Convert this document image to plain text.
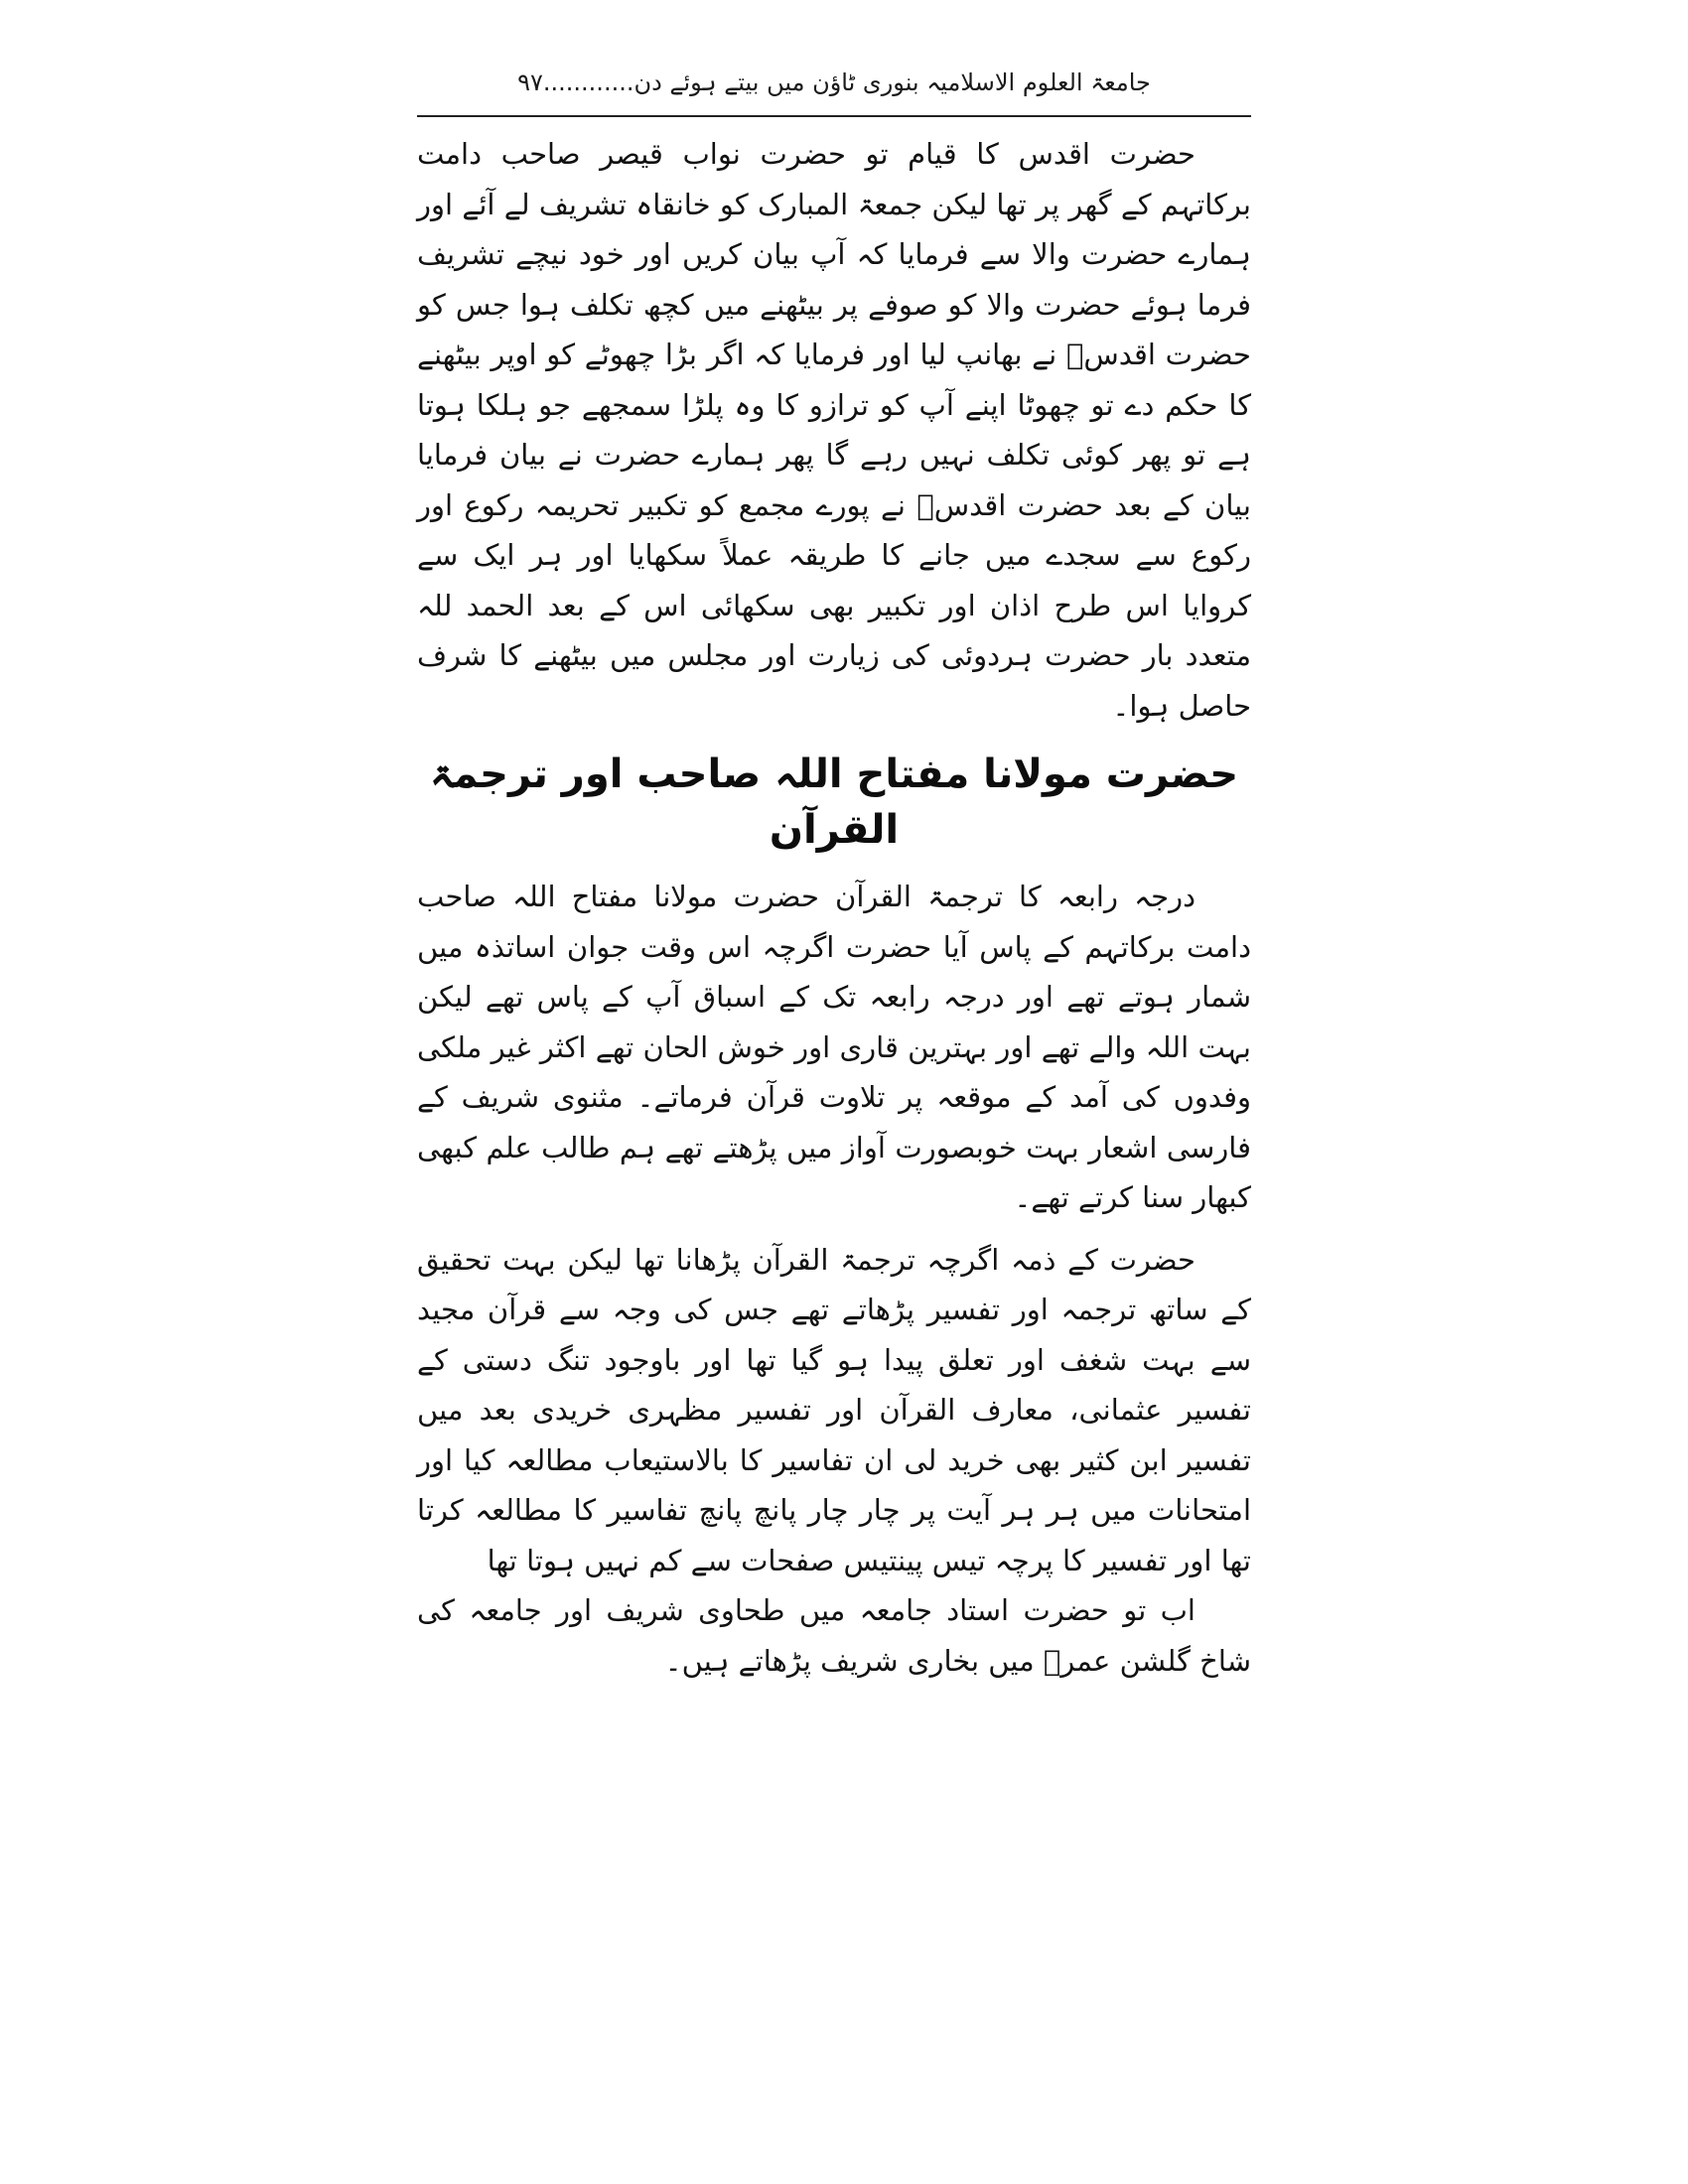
جامعۃ العلوم الاسلامیہ بنوری ٹاؤن میں بیتے ہوئے دن............۹۷

حضرت اقدس کا قیام تو حضرت نواب قیصر صاحب دامت برکاتہم کے گھر پر تھا لیکن جمعۃ المبارک کو خانقاہ تشریف لے آئے اور ہمارے حضرت والا سے فرمایا کہ آپ بیان کریں اور خود نیچے تشریف فرما ہوئے حضرت والا کو صوفے پر بیٹھنے میں کچھ تکلف ہوا جس کو حضرت اقدسؒ نے بھانپ لیا اور فرمایا کہ اگر بڑا چھوٹے کو اوپر بیٹھنے کا حکم دے تو چھوٹا اپنے آپ کو ترازو کا وہ پلڑا سمجھے جو ہلکا ہوتا ہے تو پھر کوئی تکلف نہیں رہے گا پھر ہمارے حضرت نے بیان فرمایا بیان کے بعد حضرت اقدسؒ نے پورے مجمع کو تکبیر تحریمہ رکوع اور رکوع سے سجدے میں جانے کا طریقہ عملاً سکھایا اور ہر ایک سے کروایا اس طرح اذان اور تکبیر بھی سکھائی اس کے بعد الحمد للہ متعدد بار حضرت ہردوئی کی زیارت اور مجلس میں بیٹھنے کا شرف حاصل ہوا۔

حضرت مولانا مفتاح اللہ صاحب اور ترجمۃ القرآن

درجہ رابعہ کا ترجمۃ القرآن حضرت مولانا مفتاح اللہ صاحب دامت برکاتہم کے پاس آیا حضرت اگرچہ اس وقت جوان اساتذہ میں شمار ہوتے تھے اور درجہ رابعہ تک کے اسباق آپ کے پاس تھے لیکن بہت اللہ والے تھے اور بہترین قاری اور خوش الحان تھے اکثر غیر ملکی وفدوں کی آمد کے موقعہ پر تلاوت قرآن فرماتے۔ مثنوی شریف کے فارسی اشعار بہت خوبصورت آواز میں پڑھتے تھے ہم طالب علم کبھی کبھار سنا کرتے تھے۔

حضرت کے ذمہ اگرچہ ترجمۃ القرآن پڑھانا تھا لیکن بہت تحقیق کے ساتھ ترجمہ اور تفسیر پڑھاتے تھے جس کی وجہ سے قرآن مجید سے بہت شغف اور تعلق پیدا ہو گیا تھا اور باوجود تنگ دستی کے تفسیر عثمانی، معارف القرآن اور تفسیر مظہری خریدی بعد میں تفسیر ابن کثیر بھی خرید لی ان تفاسیر کا بالاستیعاب مطالعہ کیا اور امتحانات میں ہر ہر آیت پر چار چار پانچ پانچ تفاسیر کا مطالعہ کرتا تھا اور تفسیر کا پرچہ تیس پینتیس صفحات سے کم نہیں ہوتا تھا

اب تو حضرت استاد جامعہ میں طحاوی شریف اور جامعہ کی شاخ گلشن عمرؓ میں بخاری شریف پڑھاتے ہیں۔
